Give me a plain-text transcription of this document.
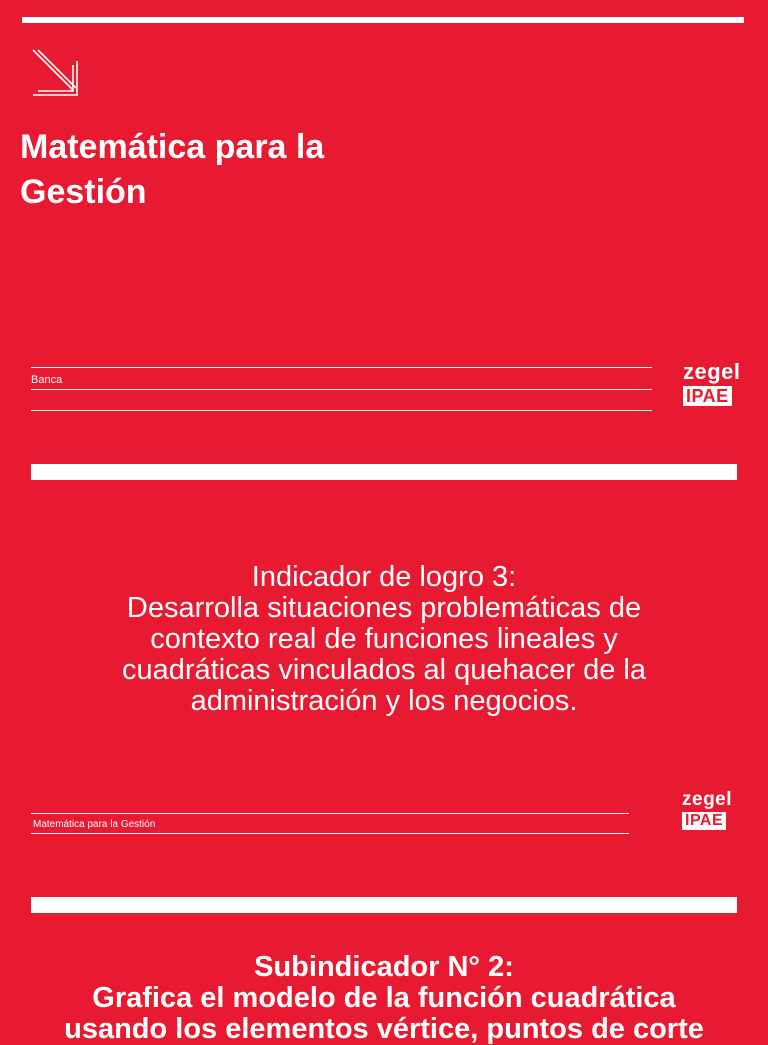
Matemática para la
Gestión
Banca	zegel
IPAE

Indicador de logro 3:

Desarrolla situaciones problemáticas de

contexto real de funciones lineales y

cuadráticas vinculados al quehacer de la

administración y los negocios.

Matemática para la Gestión
zegel
IPAE

Subindicador N° 2:

Grafica el modelo de la función cuadrática

usando los elementos vértice, puntos de corte
